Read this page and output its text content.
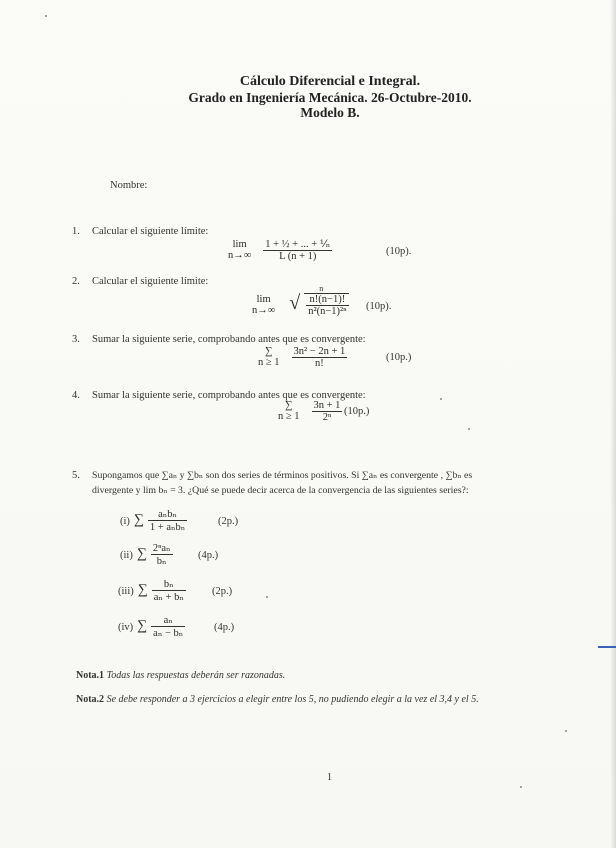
Cálculo Diferencial e Integral.
Grado en Ingeniería Mecánica. 26-Octubre-2010.
Modelo B.
Nombre:
1. Calcular el siguiente límite:
lim
n→∞
$\frac{\text{1 + ½ + ... + ⅟ₙ}}{L (n + 1)}$	(10p).
2. Calcular el siguiente límite:
lim
n→∞

n
√ $\frac{n!(n-1)!}{\text{n²(n−1)²ⁿ}} (10p)$.
3. Sumar la siguiente serie, comprobando antes que es convergente:
∑
n ≥ 1
$\frac{\text{3n² − 2n + 1}}{n!}$	(10p.)
4. Sumar la siguiente serie, comprobando antes que es convergente:
∑
n ≥ 1
$\frac{3n + 1}{\text{2ⁿ}} (10p.)$
5. Supongamos que ∑aₙ y ∑bₙ son dos series de términos positivos. Si ∑aₙ es convergente , ∑bₙ es
divergente y lim bₙ = 3. ¿Qué se puede decir acerca de la convergencia de las siguientes series?:
(i) ∑ $\frac{\text{aₙbₙ}}{\text{1 + aₙbₙ}}$	(2p.)
(ii) ∑ $\frac{\text{2ⁿaₙ}}{\text{bₙ}} (4p.)$
(iii) ∑ $\frac{\text{bₙ}}{\text{aₙ + bₙ}} (2p.)$
(iv) ∑ $\frac{\text{aₙ}}{\text{aₙ − bₙ}}$	(4p.)
Nota.1 Todas las respuestas deberán ser razonadas.
Nota.2 Se debe responder a 3 ejercicios a elegir entre los 5, no pudiendo elegir a la vez el 3,4 y el 5.
1
